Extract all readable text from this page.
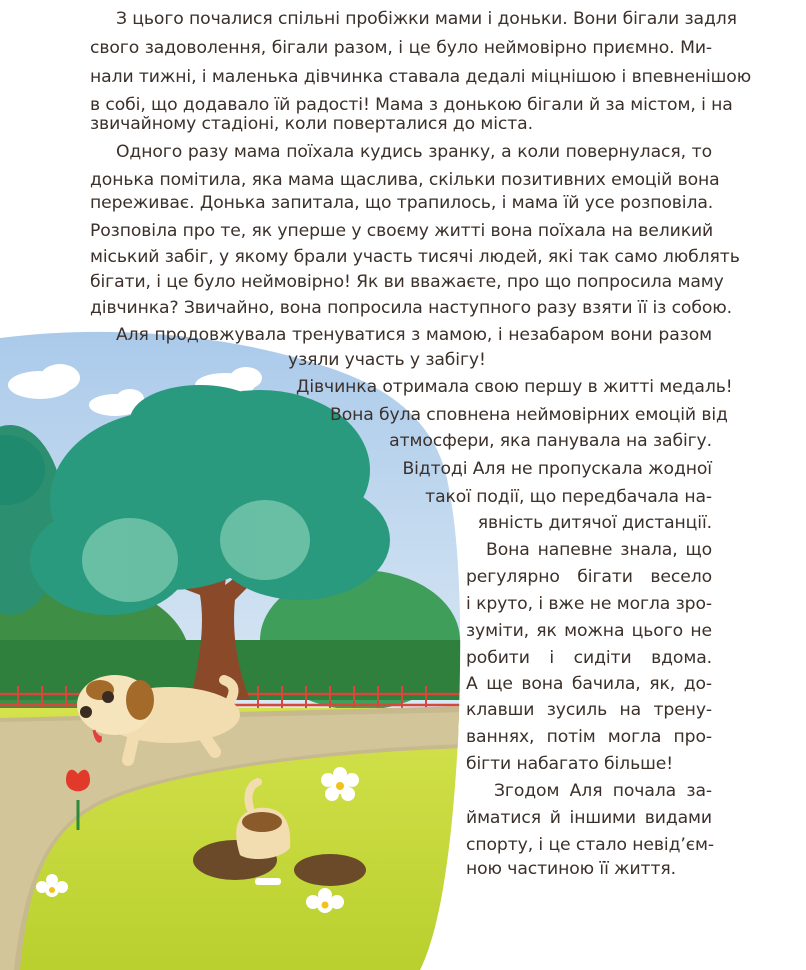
З цього почалися спільні пробіжки мами і доньки. Вони бігали задля
свого задоволення, бігали разом, і це було неймовірно приємно. Ми-
нали тижні, і маленька дівчинка ставала дедалі міцнішою і впевненішою
в собі, що додавало їй радості! Мама з донькою бігали й за містом, і на
звичайному стадіоні, коли поверталися до міста.
Одного разу мама поїхала кудись зранку, а коли повернулася, то
донька помітила, яка мама щаслива, скільки позитивних емоцій вона
переживає. Донька запитала, що трапилось, і мама їй усе розповіла.
Розповіла про те, як уперше у своєму житті вона поїхала на великий
міський забіг, у якому брали участь тисячі людей, які так само люблять
бігати, і це було неймовірно! Як ви вважаєте, про що попросила маму
дівчинка? Звичайно, вона попросила наступного разу взяти її із собою.
Аля продовжувала тренуватися з мамою, і незабаром вони разом
узяли участь у забігу!
Дівчинка отримала свою першу в житті медаль!
Вона була сповнена неймовірних емоцій від
атмосфери, яка панувала на забігу.
Відтоді Аля не пропускала жодної
такої події, що передбачала на-
явність дитячої дистанції.
Вона напевне знала, що
регулярно бігати весело
і круто, і вже не могла зро-
зуміти, як можна цього не
робити і сидіти вдома.
А ще вона бачила, як, до-
клавши зусиль на трену-
ваннях, потім могла про-
бігти набагато більше!
Згодом Аля почала за-
йматися й іншими видами
спорту, і це стало невід’єм-
ною частиною її життя.
